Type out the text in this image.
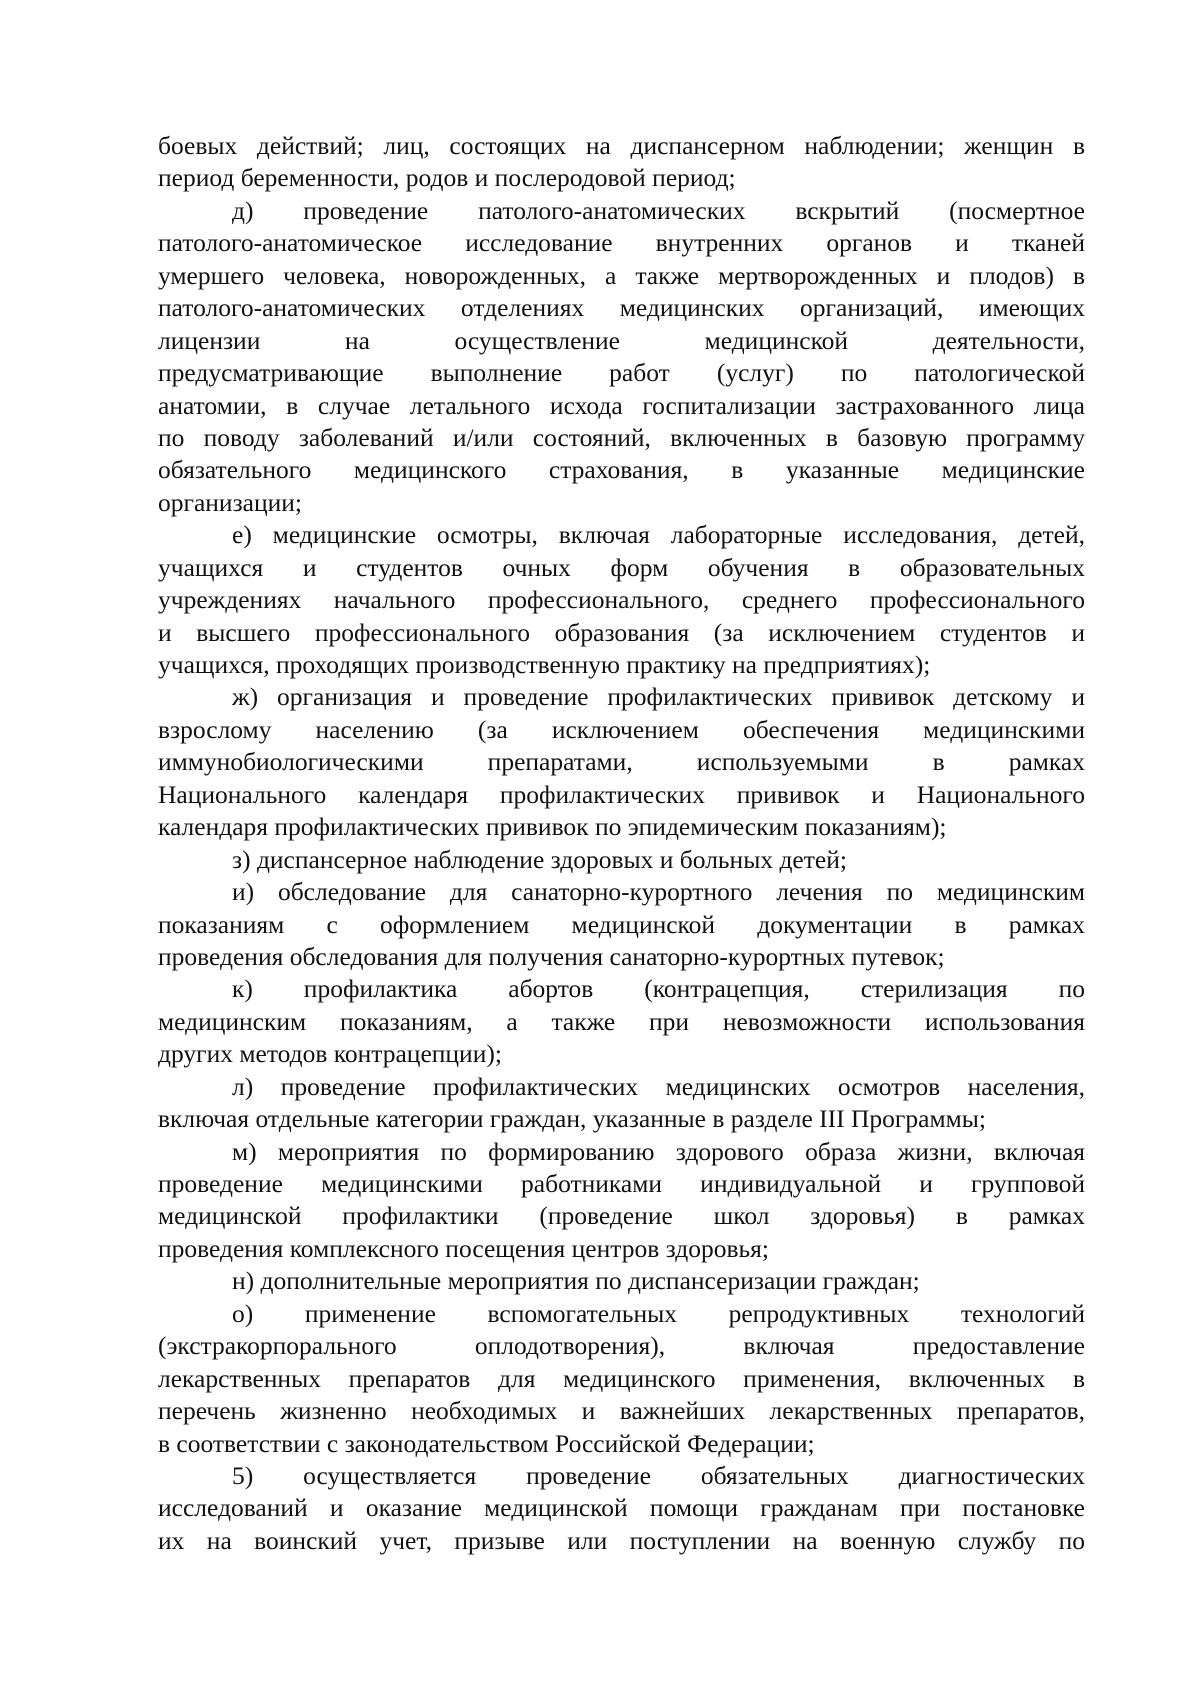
боевых действий; лиц, состоящих на диспансерном наблюдении; женщин в
период беременности, родов и послеродовой период;
д) проведение патолого-анатомических вскрытий (посмертное
патолого-анатомическое исследование внутренних органов и тканей
умершего человека, новорожденных, а также мертворожденных и плодов) в
патолого-анатомических отделениях медицинских организаций, имеющих
лицензии на осуществление медицинской деятельности,
предусматривающие выполнение работ (услуг) по патологической
анатомии, в случае летального исхода госпитализации застрахованного лица
по поводу заболеваний и/или состояний, включенных в базовую программу
обязательного медицинского страхования, в указанные медицинские
организации;
е) медицинские осмотры, включая лабораторные исследования, детей,
учащихся и студентов очных форм обучения в образовательных
учреждениях начального профессионального, среднего профессионального
и высшего профессионального образования (за исключением студентов и
учащихся, проходящих производственную практику на предприятиях);
ж) организация и проведение профилактических прививок детскому и
взрослому населению (за исключением обеспечения медицинскими
иммунобиологическими препаратами, используемыми в рамках
Национального календаря профилактических прививок и Национального
календаря профилактических прививок по эпидемическим показаниям);
з) диспансерное наблюдение здоровых и больных детей;
и) обследование для санаторно-курортного лечения по медицинским
показаниям с оформлением медицинской документации в рамках
проведения обследования для получения санаторно-курортных путевок;
к) профилактика абортов (контрацепция, стерилизация по
медицинским показаниям, а также при невозможности использования
других методов контрацепции);
л) проведение профилактических медицинских осмотров населения,
включая отдельные категории граждан, указанные в разделе III Программы;
м) мероприятия по формированию здорового образа жизни, включая
проведение медицинскими работниками индивидуальной и групповой
медицинской профилактики (проведение школ здоровья) в рамках
проведения комплексного посещения центров здоровья;
н) дополнительные мероприятия по диспансеризации граждан;
о) применение вспомогательных репродуктивных технологий
(экстракорпорального оплодотворения), включая предоставление
лекарственных препаратов для медицинского применения, включенных в
перечень жизненно необходимых и важнейших лекарственных препаратов,
в соответствии с законодательством Российской Федерации;
5) осуществляется проведение обязательных диагностических
исследований и оказание медицинской помощи гражданам при постановке
их на воинский учет, призыве или поступлении на военную службу по
